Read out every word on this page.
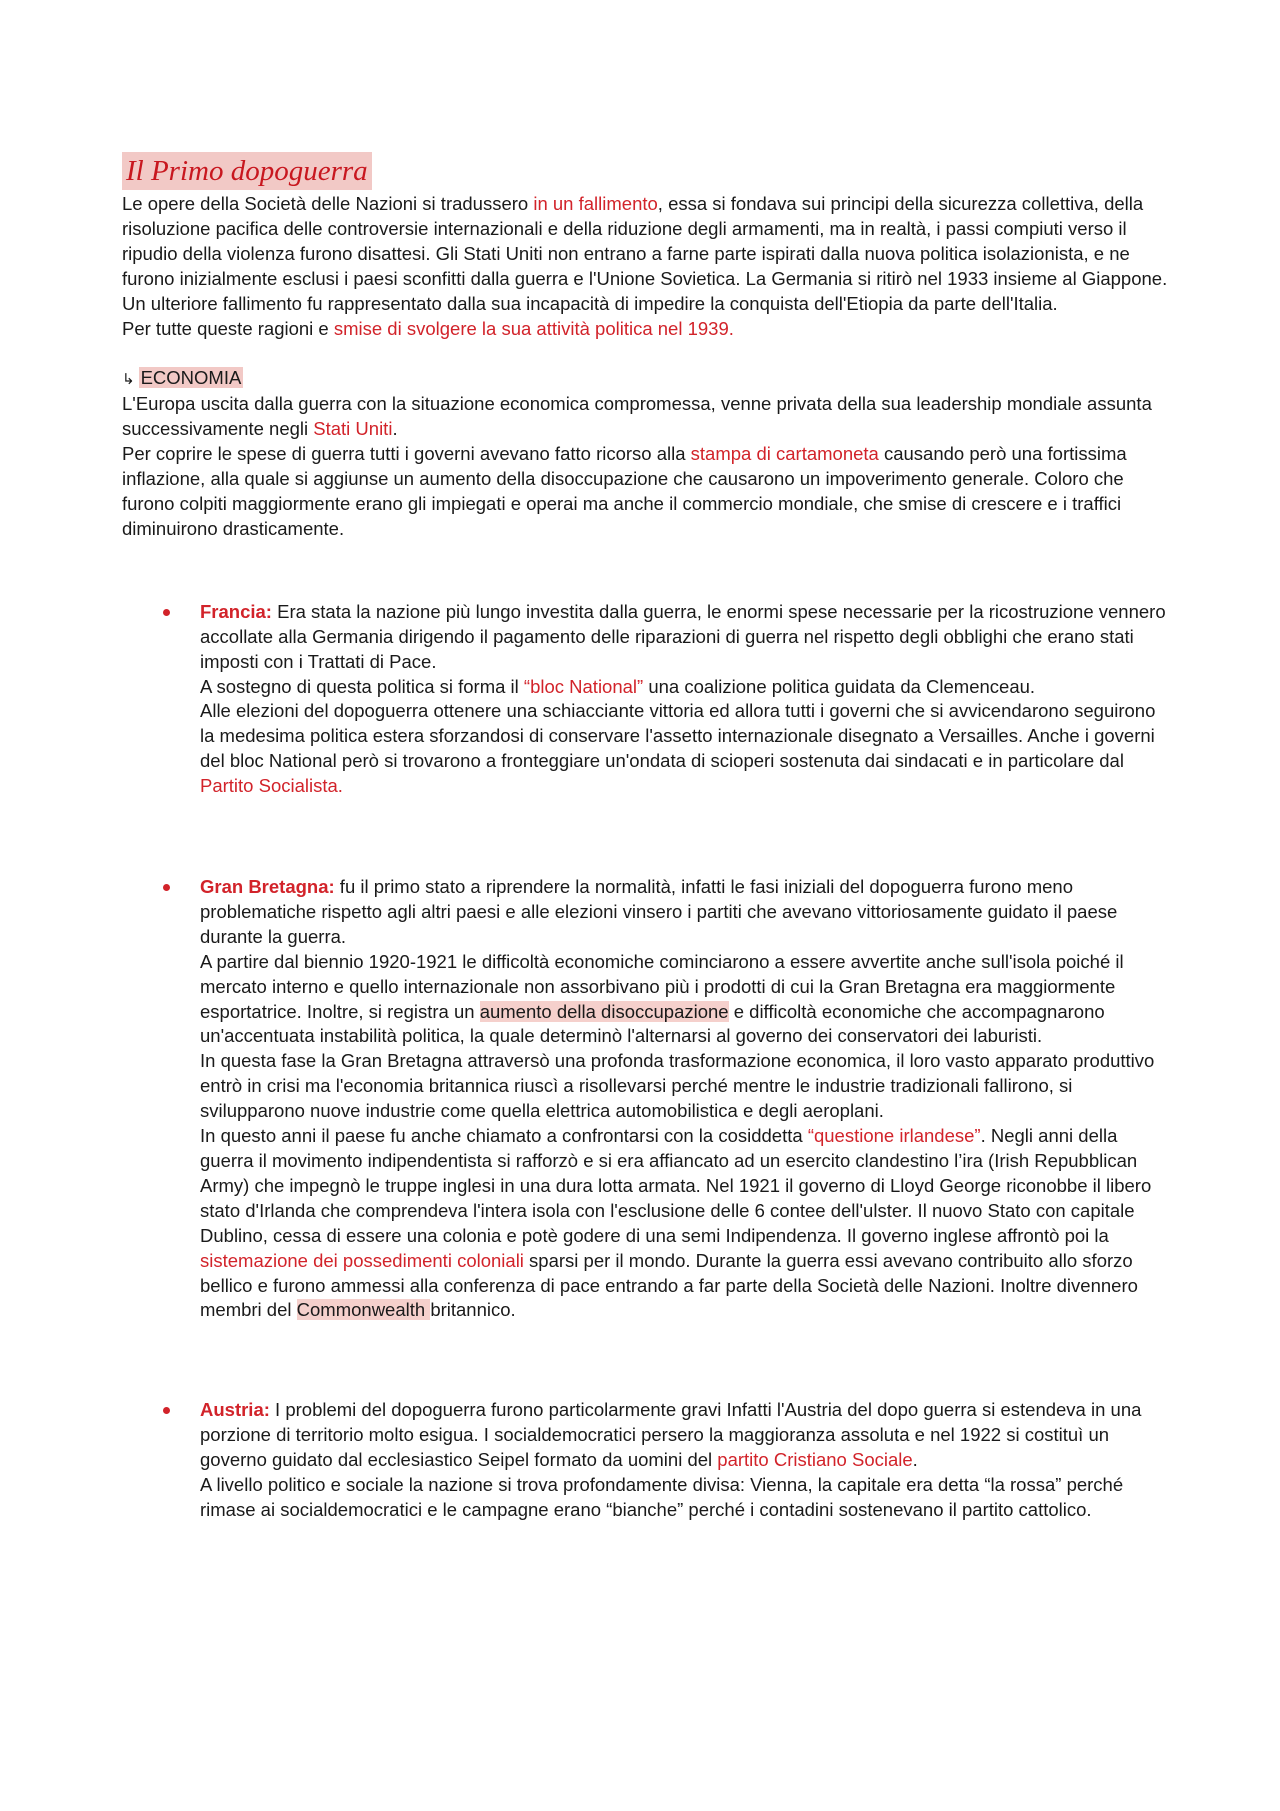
Il Primo dopoguerra

Le opere della Società delle Nazioni si tradussero in un fallimento, essa si fondava sui principi della sicurezza collettiva, della risoluzione pacifica delle controversie internazionali e della riduzione degli armamenti, ma in realtà, i passi compiuti verso il ripudio della violenza furono disattesi. Gli Stati Uniti non entrano a farne parte ispirati dalla nuova politica isolazionista, e ne furono inizialmente esclusi i paesi sconfitti dalla guerra e l'Unione Sovietica. La Germania si ritirò nel 1933 insieme al Giappone. Un ulteriore fallimento fu rappresentato dalla sua incapacità di impedire la conquista dell'Etiopia da parte dell'Italia.
Per tutte queste ragioni e smise di svolgere la sua attività politica nel 1939.

↳ ECONOMIA

L'Europa uscita dalla guerra con la situazione economica compromessa, venne privata della sua leadership mondiale assunta successivamente negli Stati Uniti.
Per coprire le spese di guerra tutti i governi avevano fatto ricorso alla stampa di cartamoneta causando però una fortissima inflazione, alla quale si aggiunse un aumento della disoccupazione che causarono un impoverimento generale. Coloro che furono colpiti maggiormente erano gli impiegati e operai ma anche il commercio mondiale, che smise di crescere e i traffici diminuirono drasticamente.

Francia: Era stata la nazione più lungo investita dalla guerra, le enormi spese necessarie per la ricostruzione vennero accollate alla Germania dirigendo il pagamento delle riparazioni di guerra nel rispetto degli obblighi che erano stati imposti con i Trattati di Pace.
A sostegno di questa politica si forma il “bloc National” una coalizione politica guidata da Clemenceau.
Alle elezioni del dopoguerra ottenere una schiacciante vittoria ed allora tutti i governi che si avvicendarono seguirono la medesima politica estera sforzandosi di conservare l'assetto internazionale disegnato a Versailles. Anche i governi del bloc National però si trovarono a fronteggiare un'ondata di scioperi sostenuta dai sindacati e in particolare dal Partito Socialista.
Gran Bretagna: fu il primo stato a riprendere la normalità, infatti le fasi iniziali del dopoguerra furono meno problematiche rispetto agli altri paesi e alle elezioni vinsero i partiti che avevano vittoriosamente guidato il paese durante la guerra.
A partire dal biennio 1920-1921 le difficoltà economiche cominciarono a essere avvertite anche sull'isola poiché il mercato interno e quello internazionale non assorbivano più i prodotti di cui la Gran Bretagna era maggiormente esportatrice. Inoltre, si registra un aumento della disoccupazione e difficoltà economiche che accompagnarono un'accentuata instabilità politica, la quale determinò l'alternarsi al governo dei conservatori dei laburisti.
In questa fase la Gran Bretagna attraversò una profonda trasformazione economica, il loro vasto apparato produttivo entrò in crisi ma l'economia britannica riuscì a risollevarsi perché mentre le industrie tradizionali fallirono, si svilupparono nuove industrie come quella elettrica automobilistica e degli aeroplani.
In questo anni il paese fu anche chiamato a confrontarsi con la cosiddetta “questione irlandese”. Negli anni della guerra il movimento indipendentista si rafforzò e si era affiancato ad un esercito clandestino l’ira (Irish Repubblican Army) che impegnò le truppe inglesi in una dura lotta armata. Nel 1921 il governo di Lloyd George riconobbe il libero stato d'Irlanda che comprendeva l'intera isola con l'esclusione delle 6 contee dell'ulster. Il nuovo Stato con capitale Dublino, cessa di essere una colonia e potè godere di una semi Indipendenza. Il governo inglese affrontò poi la sistemazione dei possedimenti coloniali sparsi per il mondo. Durante la guerra essi avevano contribuito allo sforzo bellico e furono ammessi alla conferenza di pace entrando a far parte della Società delle Nazioni. Inoltre divennero membri del Commonwealth britannico.
Austria: I problemi del dopoguerra furono particolarmente gravi Infatti l'Austria del dopo guerra si estendeva in una porzione di territorio molto esigua. I socialdemocratici persero la maggioranza assoluta e nel 1922 si costituì un governo guidato dal ecclesiastico Seipel formato da uomini del partito Cristiano Sociale.
A livello politico e sociale la nazione si trova profondamente divisa: Vienna, la capitale era detta “la rossa” perché rimase ai socialdemocratici e le campagne erano “bianche” perché i contadini sostenevano il partito cattolico.
